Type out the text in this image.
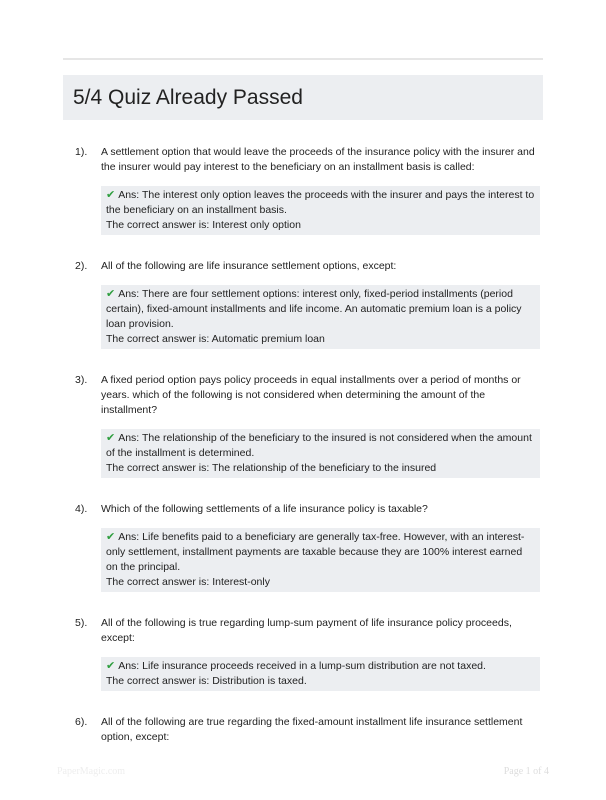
5/4 Quiz Already Passed
1).	A settlement option that would leave the proceeds of the insurance policy with the insurer and the insurer would pay interest to the beneficiary on an installment basis is called:
✔ Ans: The interest only option leaves the proceeds with the insurer and pays the interest to the beneficiary on an installment basis.
The correct answer is: Interest only option
2).	All of the following are life insurance settlement options, except:
✔ Ans: There are four settlement options: interest only, fixed-period installments (period certain), fixed-amount installments and life income. An automatic premium loan is a policy loan provision.
The correct answer is: Automatic premium loan
3).	A fixed period option pays policy proceeds in equal installments over a period of months or years. which of the following is not considered when determining the amount of the installment?
✔ Ans: The relationship of the beneficiary to the insured is not considered when the amount of the installment is determined.
The correct answer is: The relationship of the beneficiary to the insured
4).	Which of the following settlements of a life insurance policy is taxable?
✔ Ans: Life benefits paid to a beneficiary are generally tax-free. However, with an interest-only settlement, installment payments are taxable because they are 100% interest earned on the principal.
The correct answer is: Interest-only
5).	All of the following is true regarding lump-sum payment of life insurance policy proceeds, except:
✔ Ans: Life insurance proceeds received in a lump-sum distribution are not taxed.
The correct answer is: Distribution is taxed.
6).	All of the following are true regarding the fixed-amount installment life insurance settlement option, except:
PaperMagic.com	Page 1 of 4
